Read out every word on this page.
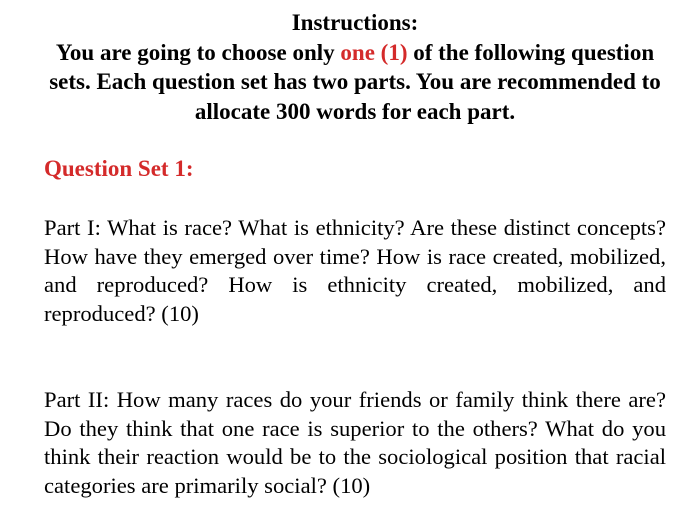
Instructions:
You are going to choose only one (1) of the following question sets. Each question set has two parts. You are recommended to allocate 300 words for each part.
Question Set 1:

Part I: What is race? What is ethnicity? Are these distinct concepts? How have they emerged over time? How is race created, mobilized, and reproduced? How is ethnicity created, mobilized, and reproduced? (10)

Part II: How many races do your friends or family think there are? Do they think that one race is superior to the others? What do you think their reaction would be to the sociological position that racial categories are primarily social? (10)
